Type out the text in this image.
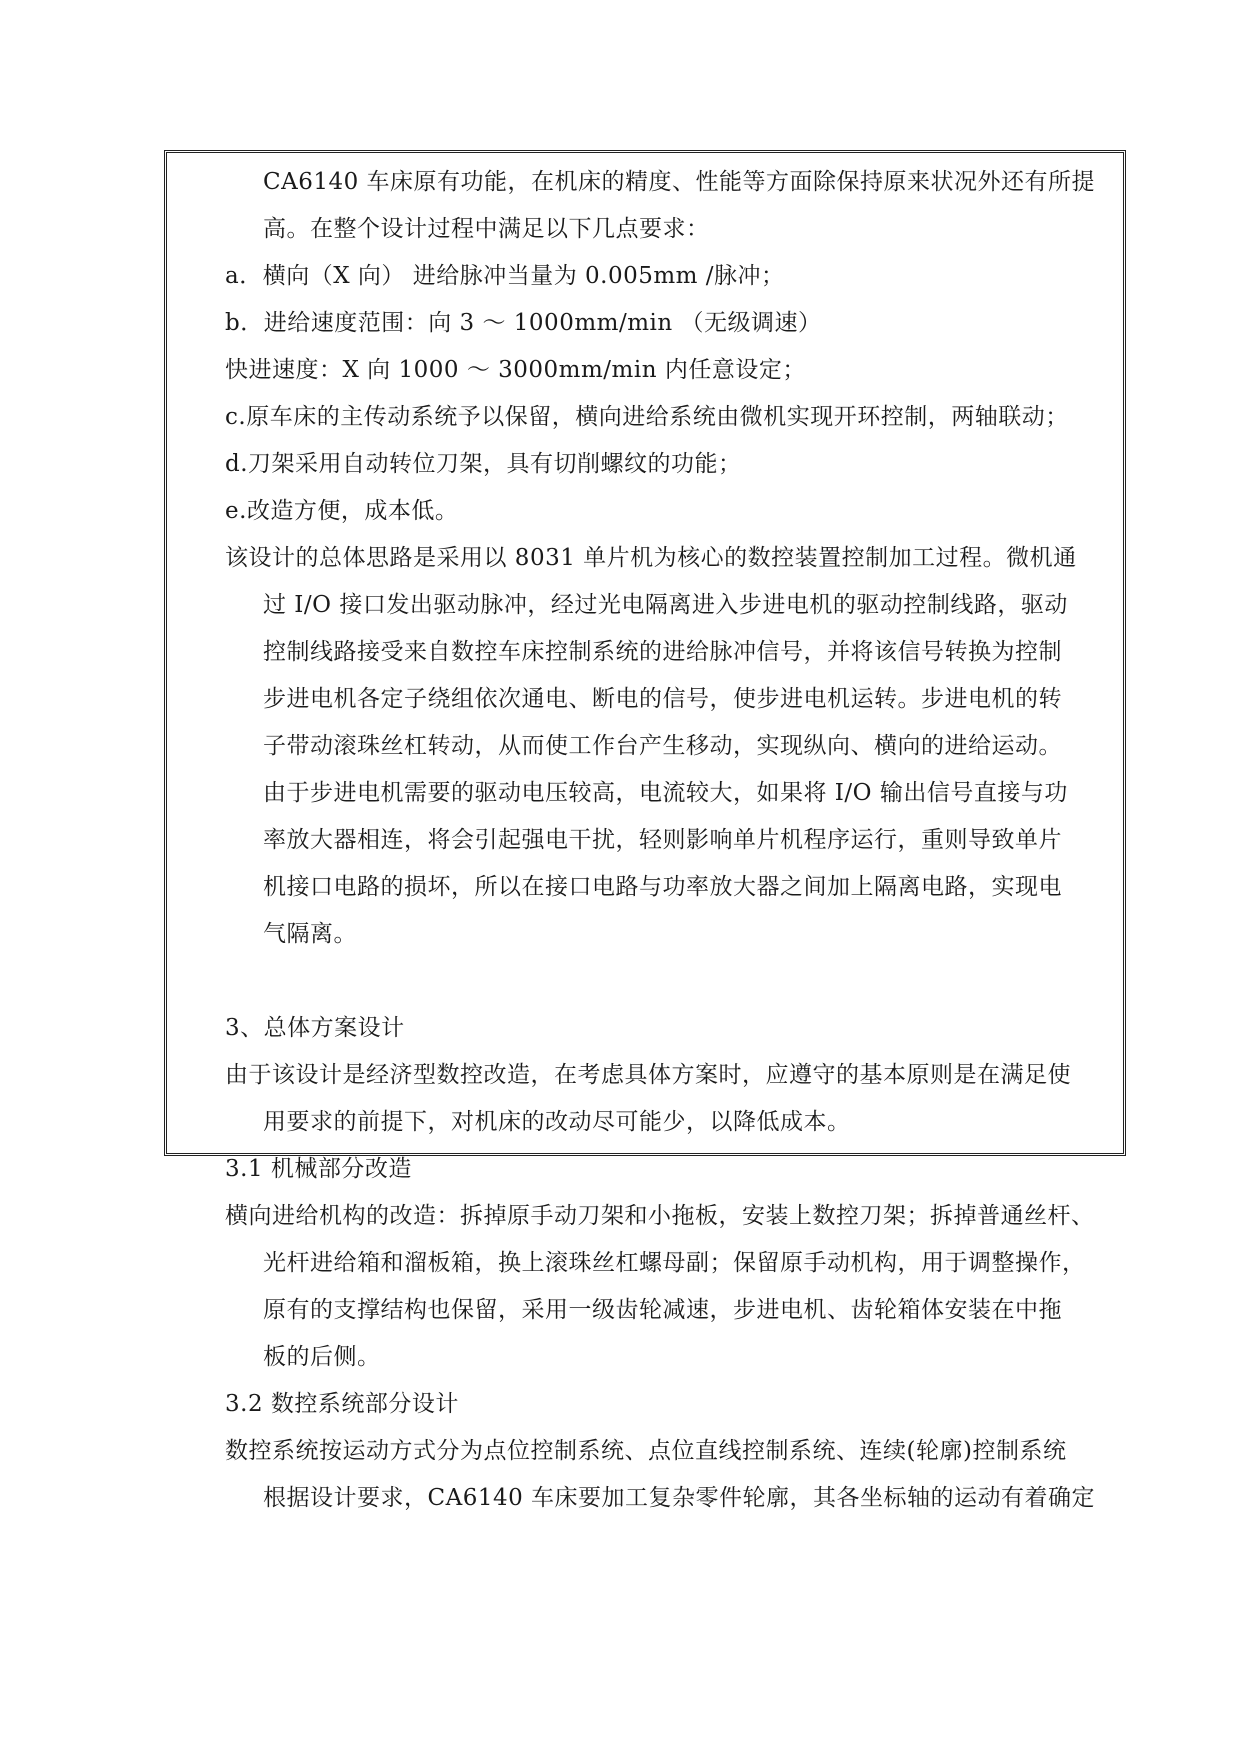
CA6140 车床原有功能，在机床的精度、性能等方面除保持原来状况外还有所提

高。在整个设计过程中满足以下几点要求：

a．横向（X 向） 进给脉冲当量为 0.005mm /脉冲；

b．进给速度范围：向 3 ～ 1000mm/min （无级调速）

快进速度：X 向 1000 ～ 3000mm/min 内任意设定；

c.原车床的主传动系统予以保留，横向进给系统由微机实现开环控制，两轴联动；

d.刀架采用自动转位刀架，具有切削螺纹的功能；

e.改造方便，成本低。

该设计的总体思路是采用以 8031 单片机为核心的数控装置控制加工过程。微机通

过 I/O 接口发出驱动脉冲，经过光电隔离进入步进电机的驱动控制线路，驱动

控制线路接受来自数控车床控制系统的进给脉冲信号，并将该信号转换为控制

步进电机各定子绕组依次通电、断电的信号，使步进电机运转。步进电机的转

子带动滚珠丝杠转动，从而使工作台产生移动，实现纵向、横向的进给运动。

由于步进电机需要的驱动电压较高，电流较大，如果将 I/O 输出信号直接与功

率放大器相连，将会引起强电干扰，轻则影响单片机程序运行，重则导致单片

机接口电路的损坏，所以在接口电路与功率放大器之间加上隔离电路，实现电

气隔离。

3、总体方案设计

由于该设计是经济型数控改造，在考虑具体方案时，应遵守的基本原则是在满足使

用要求的前提下，对机床的改动尽可能少，以降低成本。

3.1 机械部分改造

横向进给机构的改造：拆掉原手动刀架和小拖板，安装上数控刀架；拆掉普通丝杆、

光杆进给箱和溜板箱，换上滚珠丝杠螺母副；保留原手动机构，用于调整操作，

原有的支撑结构也保留，采用一级齿轮减速，步进电机、齿轮箱体安装在中拖

板的后侧。

3.2 数控系统部分设计

数控系统按运动方式分为点位控制系统、点位直线控制系统、连续(轮廓)控制系统

根据设计要求，CA6140 车床要加工复杂零件轮廓，其各坐标轴的运动有着确定
